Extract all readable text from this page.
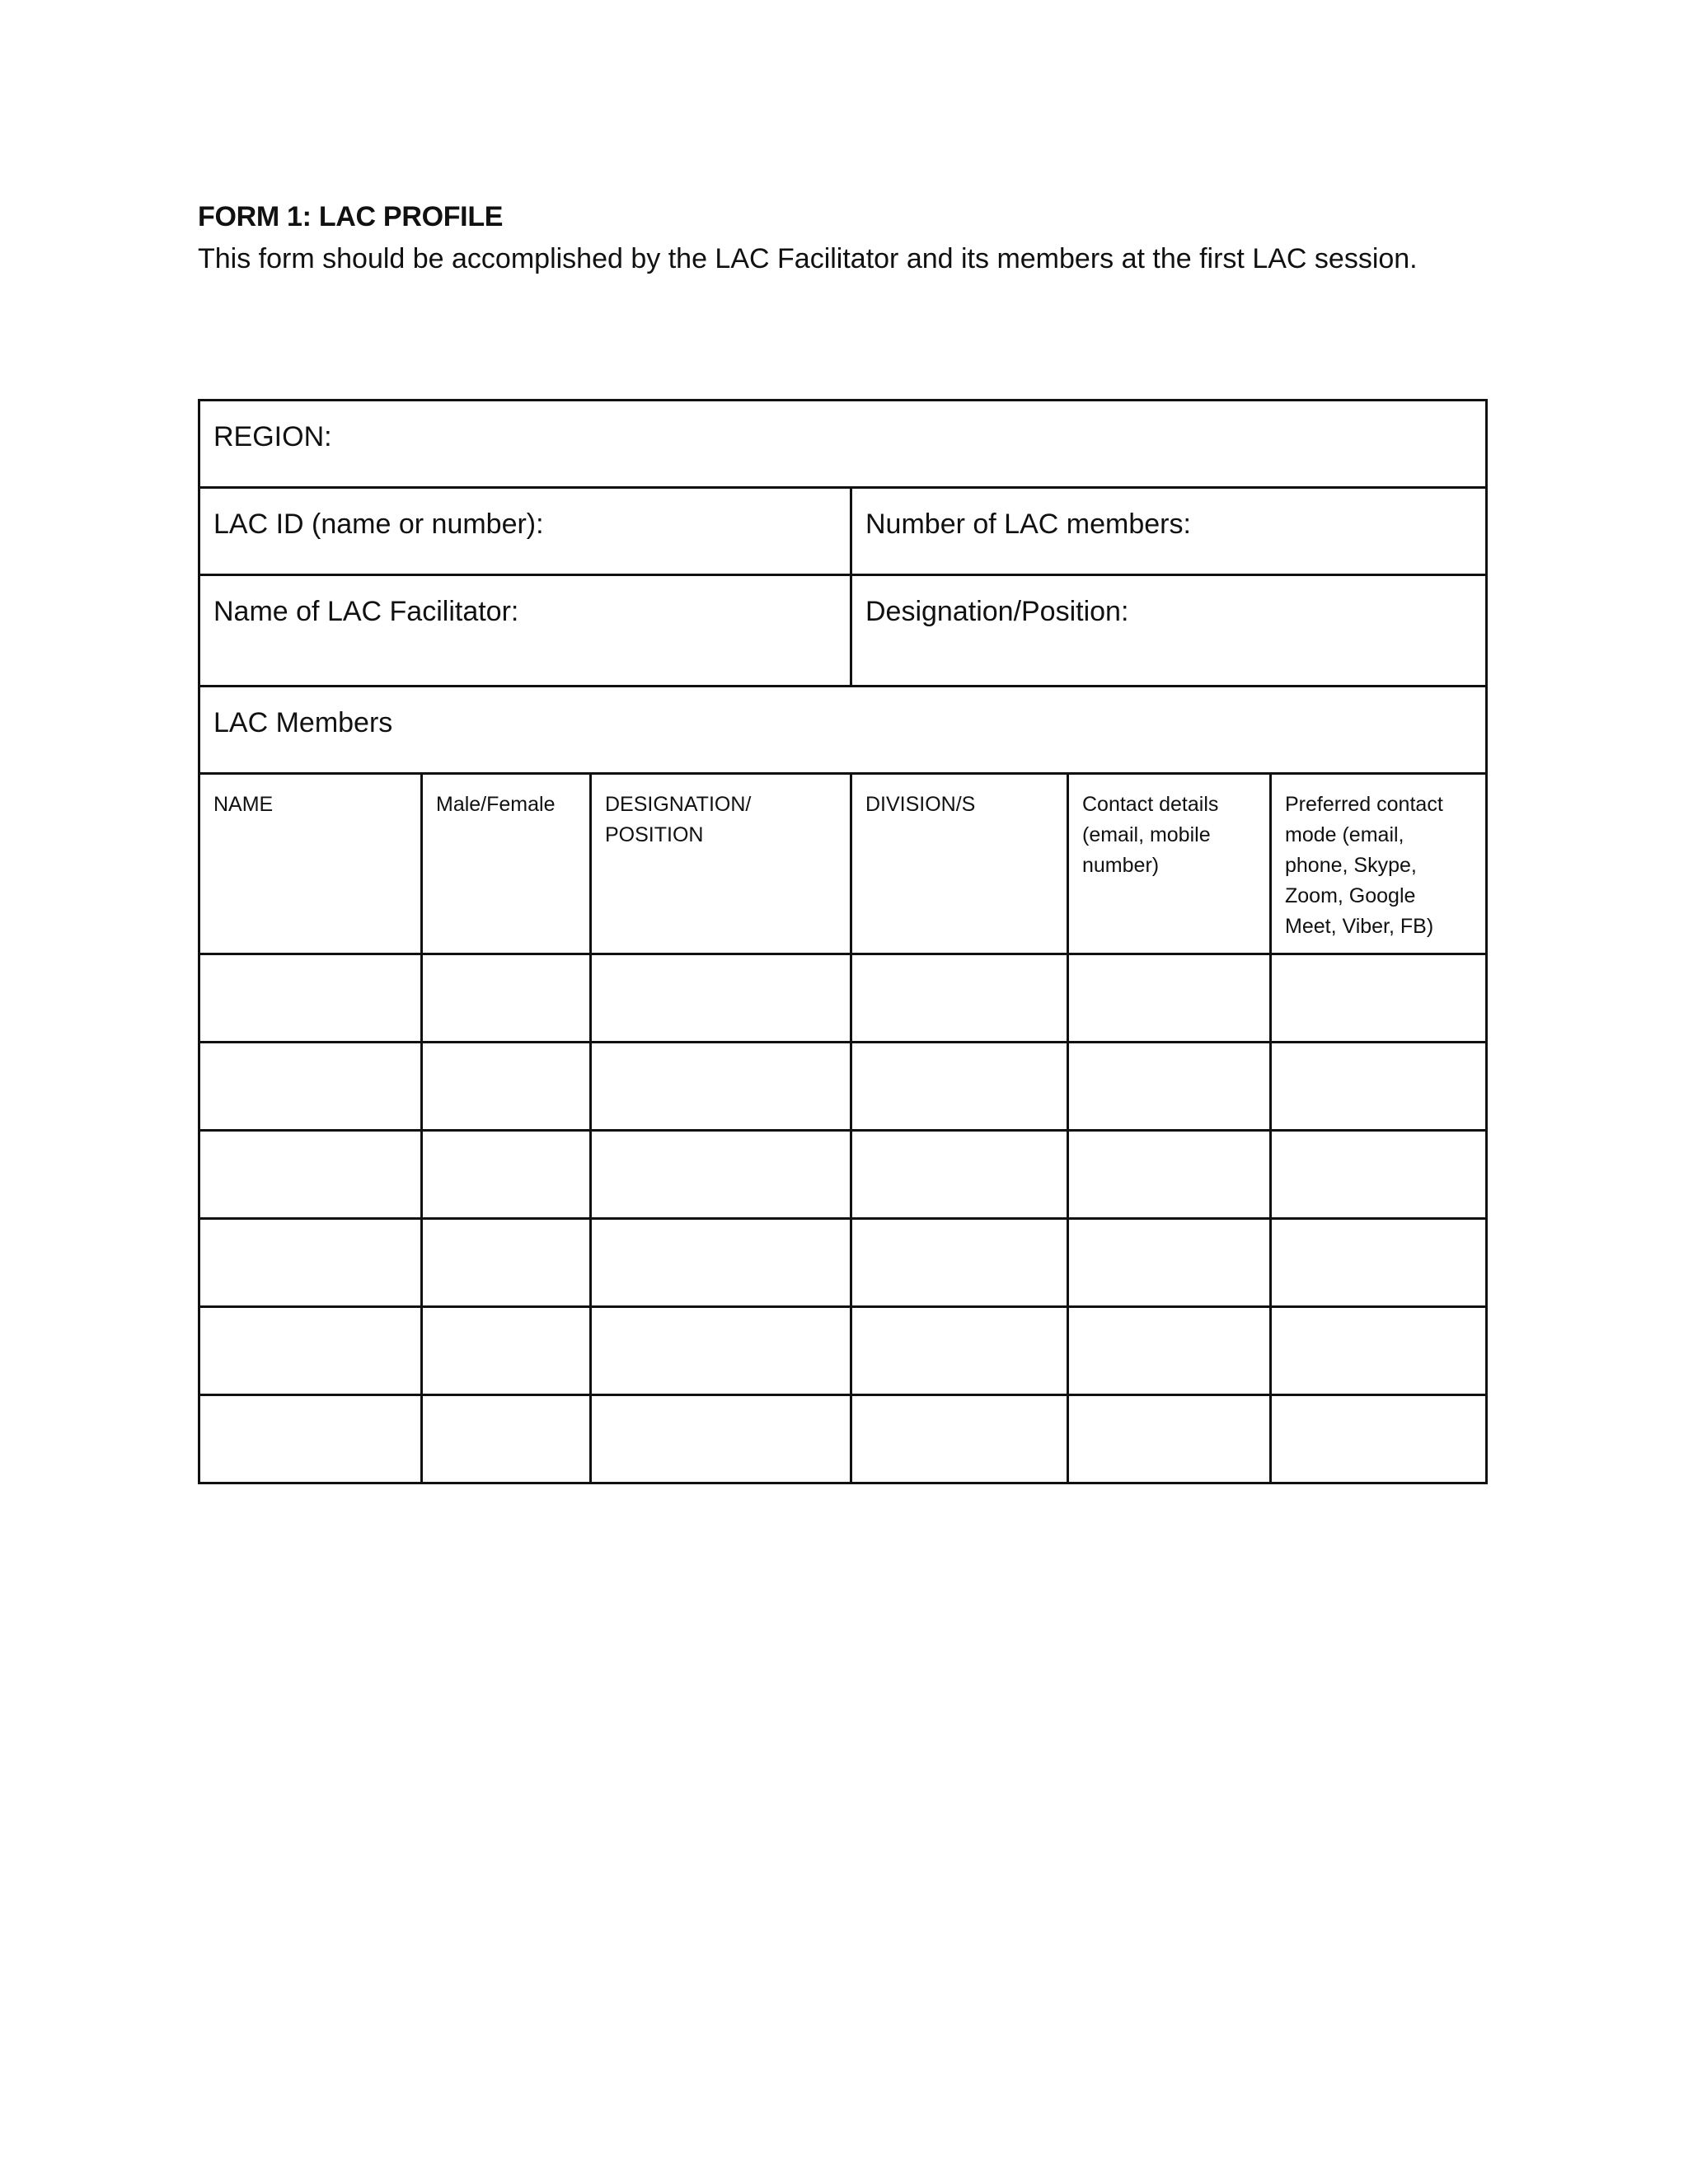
FORM 1: LAC PROFILE
This form should be accomplished by the LAC Facilitator and its members at the first LAC session.
REGION:					

LAC ID (name or number):			Number of LAC members:		

Name of LAC Facilitator:			Designation/Position:		

LAC Members					

NAME	Male/Female	DESIGNATION/ POSITION	DIVISION/S	Contact details (email, mobile number)	Preferred contact mode (email, phone, Skype, Zoom, Google Meet, Viber, FB)
